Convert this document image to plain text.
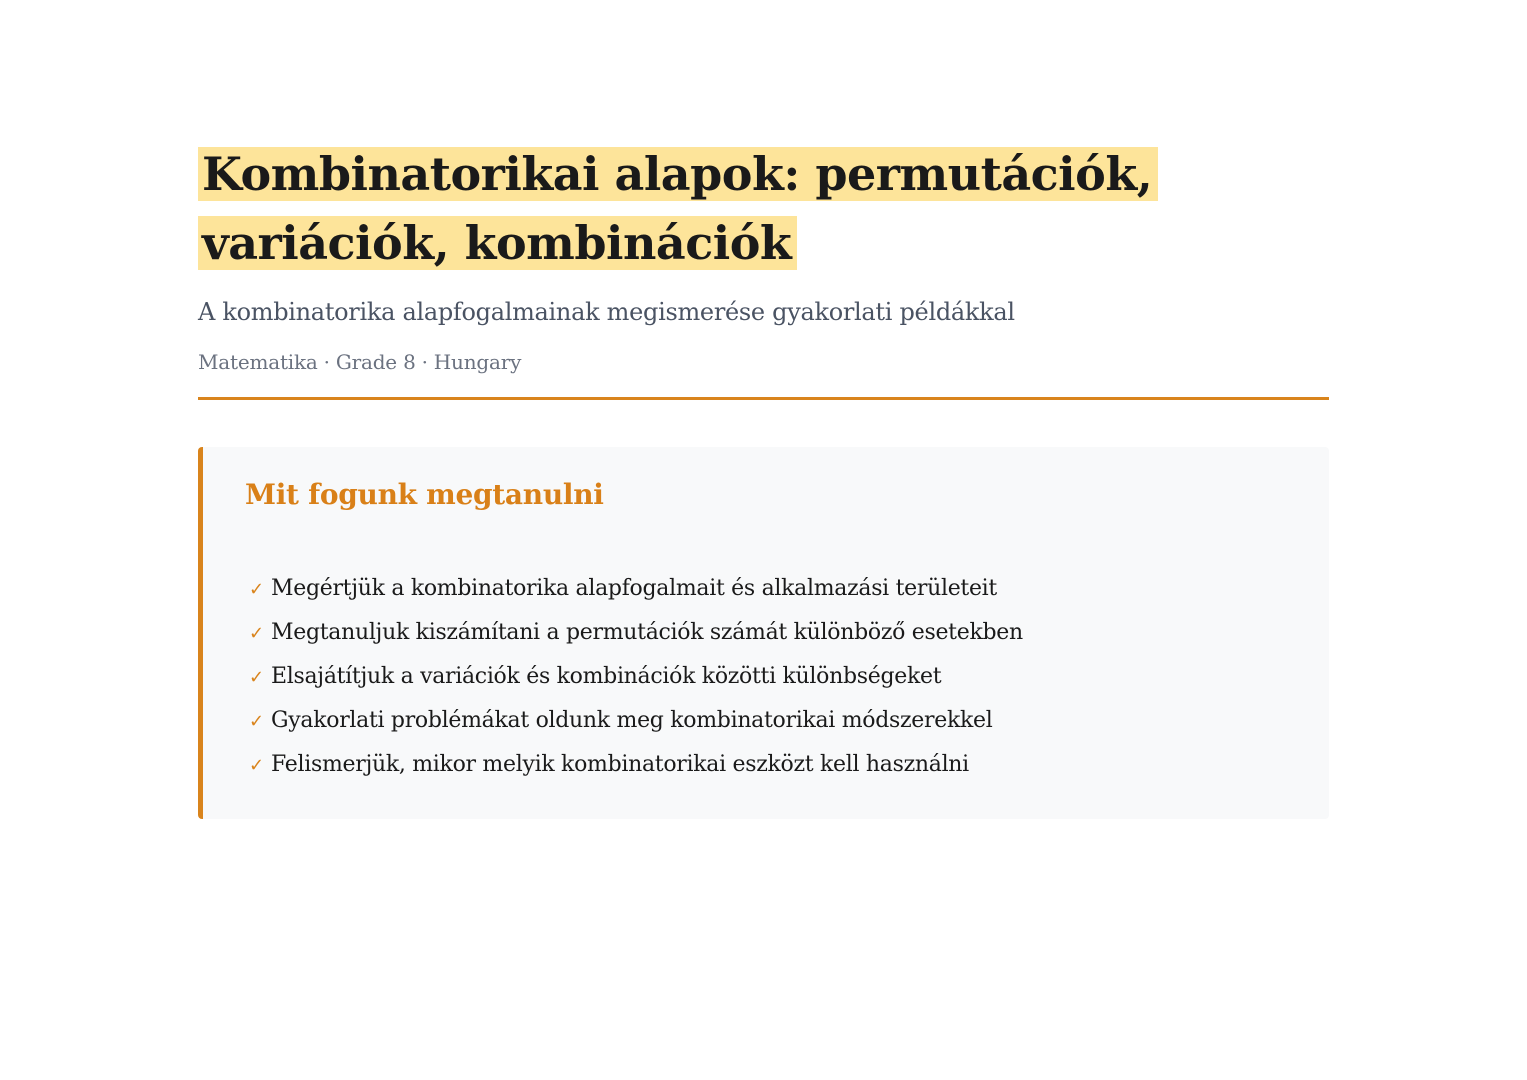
Kombinatorikai alapok: permutációk, variációk, kombinációk

A kombinatorika alapfogalmainak megismerése gyakorlati példákkal

Matematika · Grade 8 · Hungary

Mit fogunk megtanulni
✓ Megértjük a kombinatorika alapfogalmait és alkalmazási területeit
✓ Megtanuljuk kiszámítani a permutációk számát különböző esetekben
✓ Elsajátítjuk a variációk és kombinációk közötti különbségeket
✓ Gyakorlati problémákat oldunk meg kombinatorikai módszerekkel
✓ Felismerjük, mikor melyik kombinatorikai eszközt kell használni
